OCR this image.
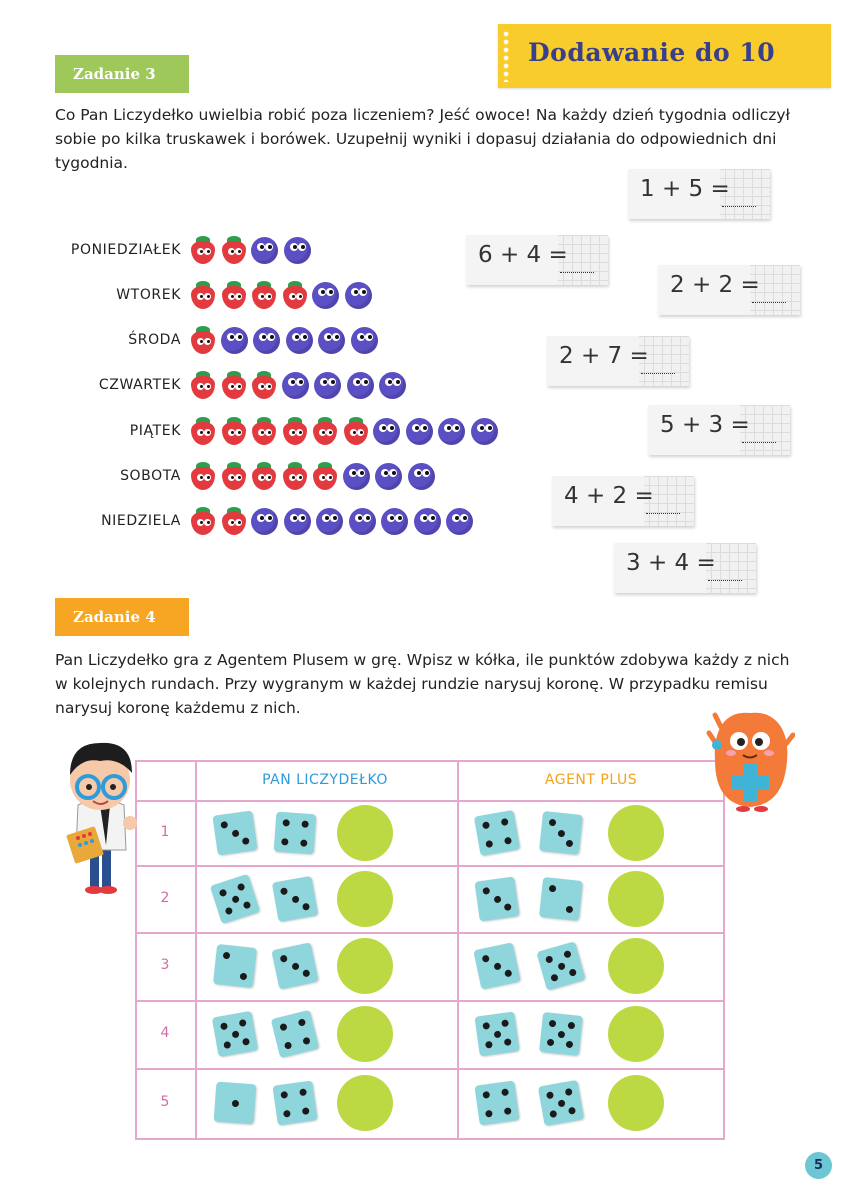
Dodawanie do 10
Zadanie 3
Co Pan Liczydełko uwielbia robić poza liczeniem? Jeść owoce! Na każdy dzień tygodnia odliczył sobie po kilka truskawek i borówek. Uzupełnij wyniki i dopasuj działania do odpowiednich dni tygodnia.
PONIEDZIAŁEK
WTOREK
ŚRODA
CZWARTEK
PIĄTEK
SOBOTA
NIEDZIELA
1 + 5 =
6 + 4 =
2 + 2 =
2 + 7 =
5 + 3 =
4 + 2 =
3 + 4 =
Zadanie 4
Pan Liczydełko gra z Agentem Plusem w grę. Wpisz w kółka, ile punktów zdobywa każdy z nich w kolejnych rundach. Przy wygranym w każdej rundzie narysuj koronę. W przypadku remisu narysuj koronę każdemu z nich.
PAN LICZYDEŁKO	AGENT PLUS
1
2
3
4
5
5
